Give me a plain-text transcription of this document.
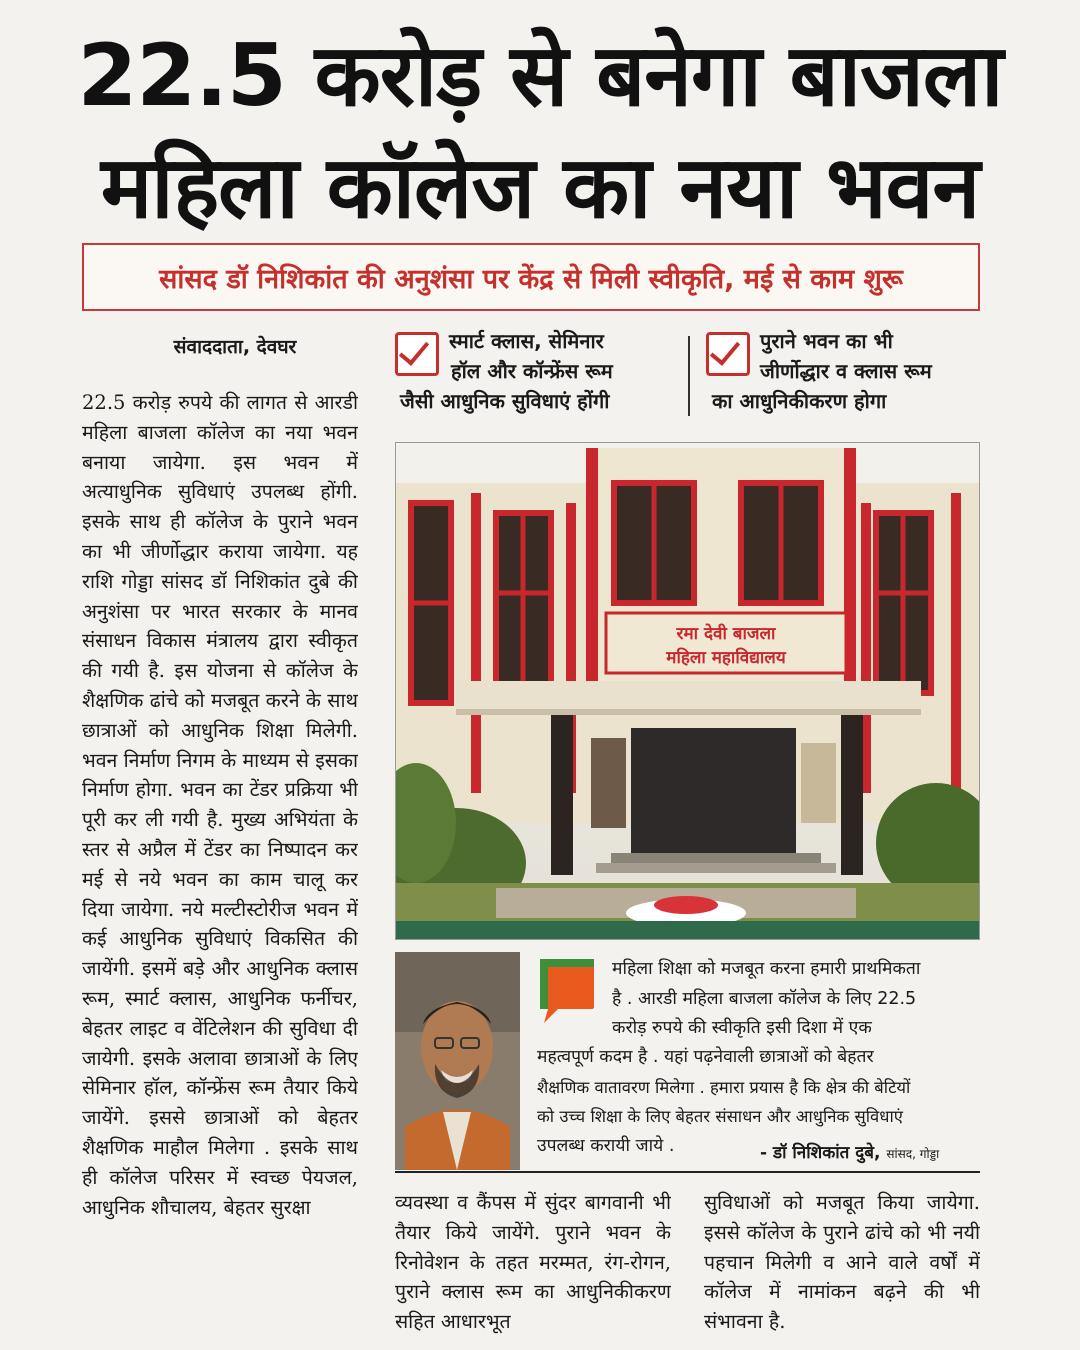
22.5 करोड़ से बनेगा बाजला
महिला कॉलेज का नया भवन
सांसद डॉ निशिकांत की अनुशंसा पर केंद्र से मिली स्वीकृति, मई से काम शुरू
संवाददाता, देवघर	स्मार्ट क्लास, सेमिनार
हॉल और कॉन्फ्रेंस रूम
जैसी आधुनिक सुविधाएं होंगी
पुराने भवन का भी
जीर्णोद्धार व क्लास रूम
का आधुनिकीकरण होगा
22.5 करोड़ रुपये की लागत से आरडी महिला बाजला कॉलेज का नया भवन बनाया जायेगा. इस भवन में अत्याधुनिक सुविधाएं उपलब्ध होंगी. इसके साथ ही कॉलेज के पुराने भवन का भी जीर्णोद्धार कराया जायेगा. यह राशि गोड्डा सांसद डॉ निशिकांत दुबे की अनुशंसा पर भारत सरकार के मानव संसाधन विकास मंत्रालय द्वारा स्वीकृत की गयी है. इस योजना से कॉलेज के शैक्षणिक ढांचे को मजबूत करने के साथ छात्राओं को आधुनिक शिक्षा मिलेगी. भवन निर्माण निगम के माध्यम से इसका निर्माण होगा. भवन का टेंडर प्रक्रिया भी पूरी कर ली गयी है. मुख्य अभियंता के स्तर से अप्रैल में टेंडर का निष्पादन कर मई से नये भवन का काम चालू कर दिया जायेगा. नये मल्टीस्टोरीज भवन में कई आधुनिक सुविधाएं विकसित की जायेंगी. इसमें बड़े और आधुनिक क्लास रूम, स्मार्ट क्लास, आधुनिक फर्नीचर, बेहतर लाइट व वेंटिलेशन की सुविधा दी जायेगी. इसके अलावा छात्राओं के लिए सेमिनार हॉल, कॉन्फ्रेंस रूम तैयार किये जायेंगे. इससे छात्राओं को बेहतर शैक्षणिक माहौल मिलेगा . इसके साथ ही कॉलेज परिसर में स्वच्छ पेयजल, आधुनिक शौचालय, बेहतर सुरक्षा
रमा देवी बाजला
महिला महाविद्यालय
महिला शिक्षा को मजबूत करना हमारी प्राथमिकता
है . आरडी महिला बाजला कॉलेज के लिए 22.5
करोड़ रुपये की स्वीकृति इसी दिशा में एक
महत्वपूर्ण कदम है . यहां पढ़नेवाली छात्राओं को बेहतर
शैक्षणिक वातावरण मिलेगा . हमारा प्रयास है कि क्षेत्र की बेटियों
को उच्च शिक्षा के लिए बेहतर संसाधन और आधुनिक सुविधाएं
उपलब्ध करायी जाये .	- डॉ निशिकांत दुबे, सांसद, गोड्डा
व्यवस्था व कैंपस में सुंदर बागवानी भी तैयार किये जायेंगे. पुराने भवन के रिनोवेशन के तहत मरम्मत, रंग-रोगन, पुराने क्लास रूम का आधुनिकीकरण सहित आधारभूत
सुविधाओं को मजबूत किया जायेगा. इससे कॉलेज के पुराने ढांचे को भी नयी पहचान मिलेगी व आने वाले वर्षों में कॉलेज में नामांकन बढ़ने की भी संभावना है.
